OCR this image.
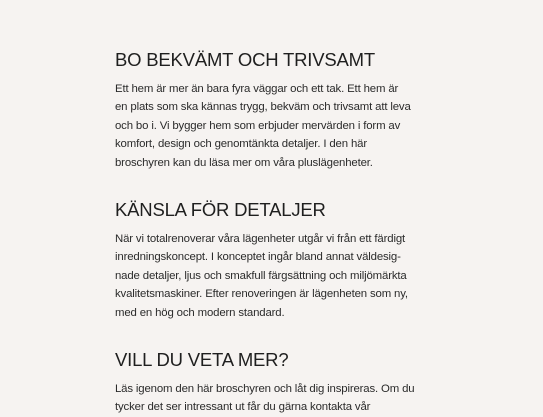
BO BEKVÄMT OCH TRIVSAMT

Ett hem är mer än bara fyra väggar och ett tak. Ett hem är
en plats som ska kännas trygg, bekväm och trivsamt att leva
och bo i. Vi bygger hem som erbjuder mervärden i form av
komfort, design och genomtänkta detaljer. I den här
broschyren kan du läsa mer om våra pluslägenheter.

KÄNSLA FÖR DETALJER

När vi totalrenoverar våra lägenheter utgår vi från ett färdigt
inredningskoncept. I konceptet ingår bland annat väldesig-
nade detaljer, ljus och smakfull färgsättning och miljömärkta
kvalitetsmaskiner. Efter renoveringen är lägenheten som ny,
med en hög och modern standard.

VILL DU VETA MER?

Läs igenom den här broschyren och låt dig inspireras. Om du
tycker det ser intressant ut får du gärna kontakta vår
